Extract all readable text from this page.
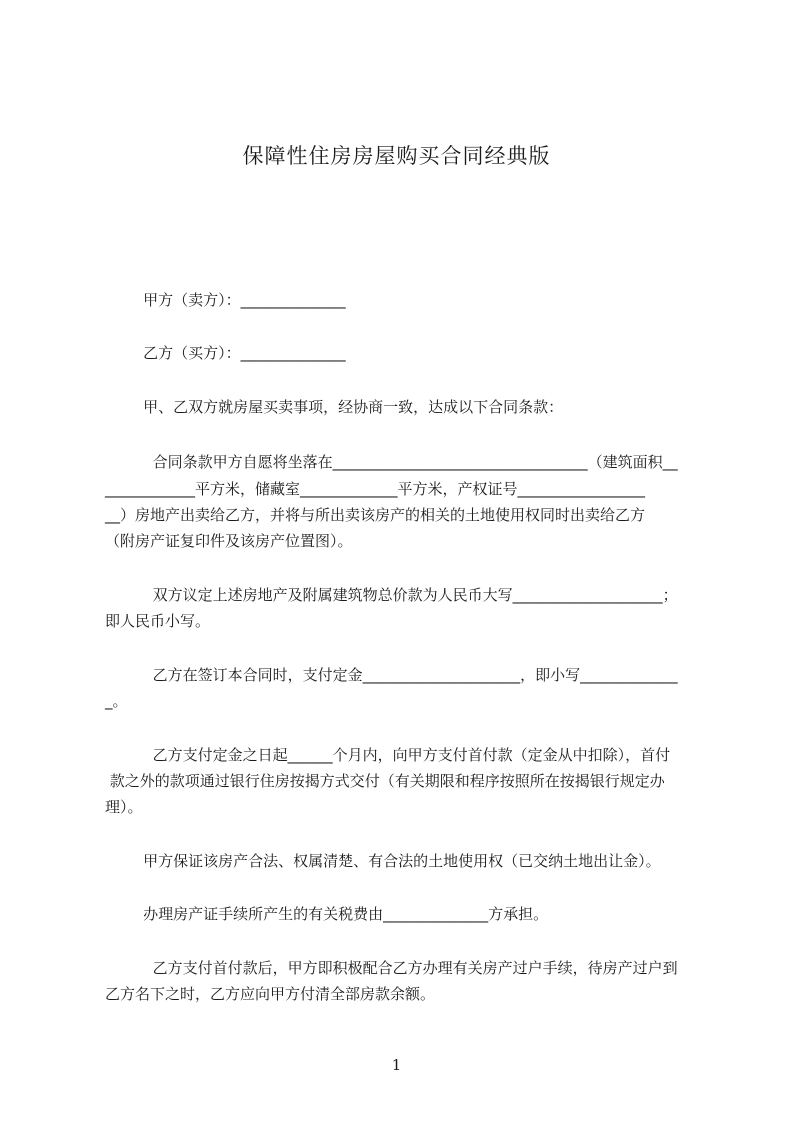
保障性住房房屋购买合同经典版

甲方（卖方）：______________

乙方（买方）：______________

甲、乙双方就房屋买卖事项，经协商一致，达成以下合同条款：

合同条款甲方自愿将坐落在__________________________________（建筑面积__

____________平方米，储藏室_____________平方米，产权证号_________________

__）房地产出卖给乙方，并将与所出卖该房产的相关的土地使用权同时出卖给乙方

（附房产证复印件及该房产位置图）。

双方议定上述房地产及附属建筑物总价款为人民币大写____________________；

即人民币小写。

乙方在签订本合同时，支付定金_____________________，即小写_____________

_。

乙方支付定金之日起______个月内，向甲方支付首付款（定金从中扣除），首付

款之外的款项通过银行住房按揭方式交付（有关期限和程序按照所在按揭银行规定办

理）。

甲方保证该房产合法、权属清楚、有合法的土地使用权（已交纳土地出让金）。

办理房产证手续所产生的有关税费由______________方承担。

乙方支付首付款后，甲方即积极配合乙方办理有关房产过户手续，待房产过户到

乙方名下之时，乙方应向甲方付清全部房款余额。

1
